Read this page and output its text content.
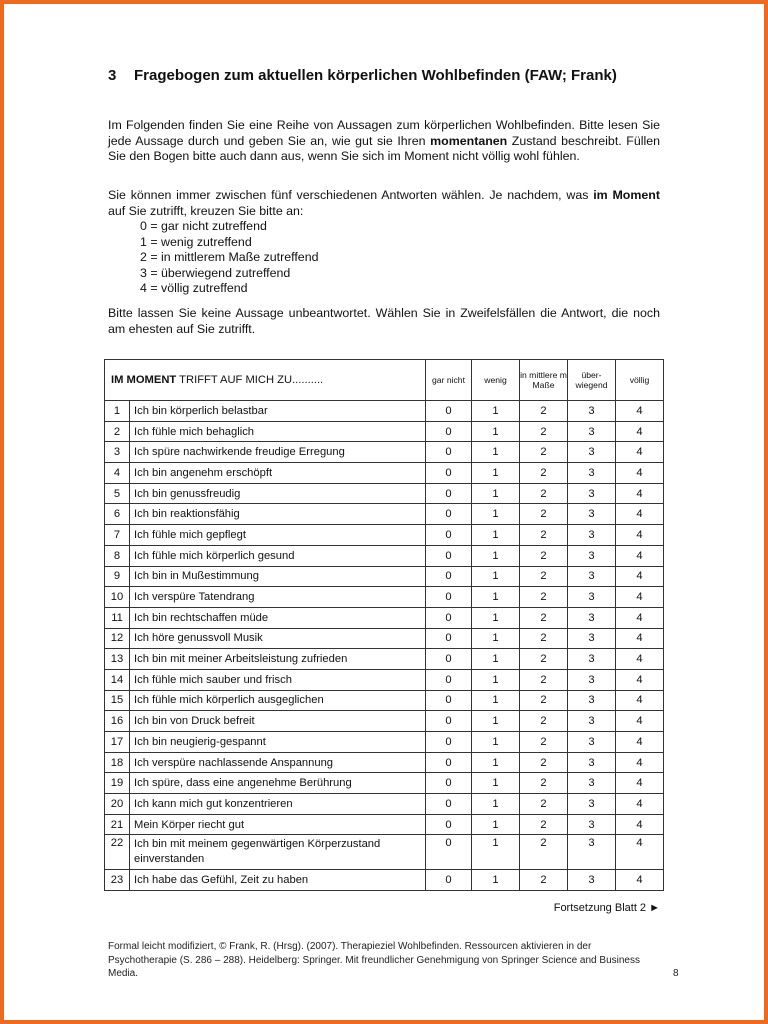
3 Fragebogen zum aktuellen körperlichen Wohlbefinden (FAW; Frank)
Im Folgenden finden Sie eine Reihe von Aussagen zum körperlichen Wohlbefinden. Bitte lesen Sie jede Aussage durch und geben Sie an, wie gut sie Ihren momentanen Zustand beschreibt. Füllen Sie den Bogen bitte auch dann aus, wenn Sie sich im Moment nicht völlig wohl fühlen.
Sie können immer zwischen fünf verschiedenen Antworten wählen. Je nachdem, was im Moment auf Sie zutrifft, kreuzen Sie bitte an:
0 = gar nicht zutreffend
1 = wenig zutreffend
2 = in mittlerem Maße zutreffend
3 = überwiegend zutreffend
4 = völlig zutreffend
Bitte lassen Sie keine Aussage unbeantwortet. Wählen Sie in Zweifelsfällen die Antwort, die noch am ehesten auf Sie zutrifft.
IM MOMENT TRIFFT AUF MICH ZU..........		gar nicht	wenig	in mittlere m Maße	über-wiegend	völlig
1	Ich bin körperlich belastbar	0	1	2	3	4
2	Ich fühle mich behaglich	0	1	2	3	4
3	Ich spüre nachwirkende freudige Erregung	0	1	2	3	4
4	Ich bin angenehm erschöpft	0	1	2	3	4
5	Ich bin genussfreudig	0	1	2	3	4
6	Ich bin reaktionsfähig	0	1	2	3	4
7	Ich fühle mich gepflegt	0	1	2	3	4
8	Ich fühle mich körperlich gesund	0	1	2	3	4
9	Ich bin in Mußestimmung	0	1	2	3	4
10	Ich verspüre Tatendrang	0	1	2	3	4
11	Ich bin rechtschaffen müde	0	1	2	3	4
12	Ich höre genussvoll Musik	0	1	2	3	4
13	Ich bin mit meiner Arbeitsleistung zufrieden	0	1	2	3	4
14	Ich fühle mich sauber und frisch	0	1	2	3	4
15	Ich fühle mich körperlich ausgeglichen	0	1	2	3	4
16	Ich bin von Druck befreit	0	1	2	3	4
17	Ich bin neugierig-gespannt	0	1	2	3	4
18	Ich verspüre nachlassende Anspannung	0	1	2	3	4
19	Ich spüre, dass eine angenehme Berührung	0	1	2	3	4
20	Ich kann mich gut konzentrieren	0	1	2	3	4
21	Mein Körper riecht gut	0	1	2	3	4
22	Ich bin mit meinem gegenwärtigen Körperzustand einverstanden	0	1	2	3	4
23	Ich habe das Gefühl, Zeit zu haben	0	1	2	3	4
Fortsetzung Blatt 2 ►
Formal leicht modifiziert, © Frank, R. (Hrsg). (2007). Therapieziel Wohlbefinden. Ressourcen aktivieren in der Psychotherapie (S. 286 – 288). Heidelberg: Springer. Mit freundlicher Genehmigung von Springer Science and Business Media.	8
